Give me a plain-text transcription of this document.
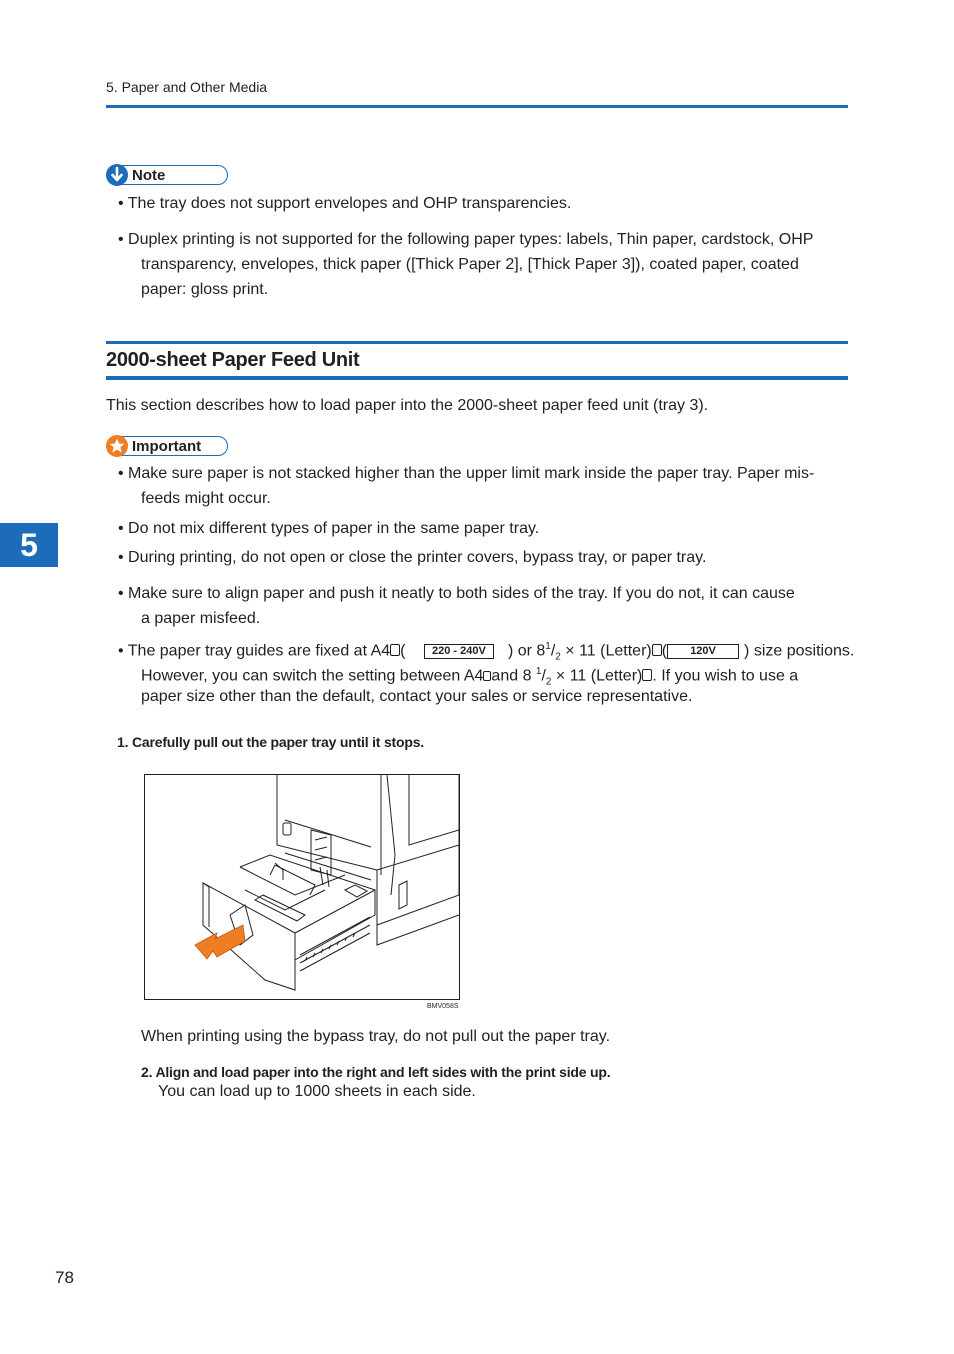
5. Paper and Other Media
Note
• The tray does not support envelopes and OHP transparencies.
• Duplex printing is not supported for the following paper types: labels, Thin paper, cardstock, OHP
transparency, envelopes, thick paper ([Thick Paper 2], [Thick Paper 3]), coated paper, coated
paper: gloss print.
2000-sheet Paper Feed Unit
This section describes how to load paper into the 2000-sheet paper feed unit (tray 3).
Important
• Make sure paper is not stacked higher than the upper limit mark inside the paper tray. Paper mis-
feeds might occur.
• Do not mix different types of paper in the same paper tray.
• During printing, do not open or close the printer covers, bypass tray, or paper tray.
• Make sure to align paper and push it neatly to both sides of the tray. If you do not, it can cause
a paper misfeed.
• The paper tray guides are fixed at A4 ( 220 - 240V ) or $8^1/_2 \times 11$ (Letter) ( 120V ) size positions.
However, you can switch the setting between A4 and 8 $^1/_2 \times 11$ (Letter) . If you wish to use a
paper size other than the default, contact your sales or service representative.
1. Carefully pull out the paper tray until it stops.
BMV058S
When printing using the bypass tray, do not pull out the paper tray.
2. Align and load paper into the right and left sides with the print side up.
You can load up to 1000 sheets in each side.
5
78
